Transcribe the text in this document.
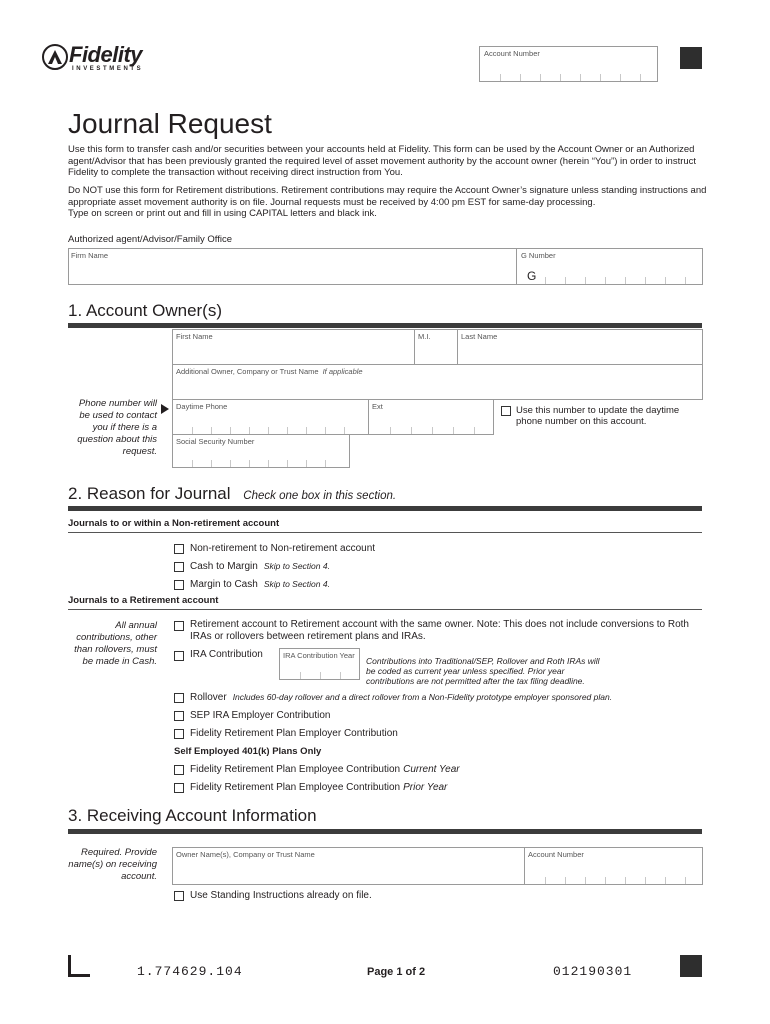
Fidelity
INVESTMENTS
Account Number
Journal Request
Use this form to transfer cash and/or securities between your accounts held at Fidelity. This form can be used by the Account Owner or an Authorized agent/Advisor that has been previously granted the required level of asset movement authority by the account owner (herein “You”) in order to instruct Fidelity to complete the transaction without receiving direct instruction from You.
Do NOT use this form for Retirement distributions. Retirement contributions may require the Account Owner’s signature unless standing instructions and appropriate asset movement authority is on file. Journal requests must be received by 4:00 pm EST for same-day processing.
Type on screen or print out and fill in using CAPITAL letters and black ink.
Authorized agent/Advisor/Family Office
Firm Name	G Number
G
1. Account Owner(s)
First Name	M.I.	Last Name
Additional Owner, Company or Trust Name If applicable
Phone number will be used to contact you if there is a question about this request.
Daytime Phone	Ext	Use this number to update the daytime phone number on this account.
Social Security Number
2. Reason for Journal Check one box in this section.
Journals to or within a Non-retirement account
Non-retirement to Non-retirement account
Cash to Margin Skip to Section 4.
Margin to Cash Skip to Section 4.
Journals to a Retirement account
All annual contributions, other than rollovers, must be made in Cash.
Retirement account to Retirement account with the same owner. Note: This does not include conversions to Roth IRAs or rollovers between retirement plans and IRAs.
IRA Contribution	IRA Contribution Year
Contributions into Traditional/SEP, Rollover and Roth IRAs will be coded as current year unless specified. Prior year contributions are not permitted after the tax filing deadline.
Rollover Includes 60-day rollover and a direct rollover from a Non-Fidelity prototype employer sponsored plan.
SEP IRA Employer Contribution
Fidelity Retirement Plan Employer Contribution
Self Employed 401(k) Plans Only
Fidelity Retirement Plan Employee Contribution Current Year
Fidelity Retirement Plan Employee Contribution Prior Year
3. Receiving Account Information
Required. Provide name(s) on receiving account.
Owner Name(s), Company or Trust Name	Account Number
Use Standing Instructions already on file.
1.774629.104	Page 1 of 2	012190301
